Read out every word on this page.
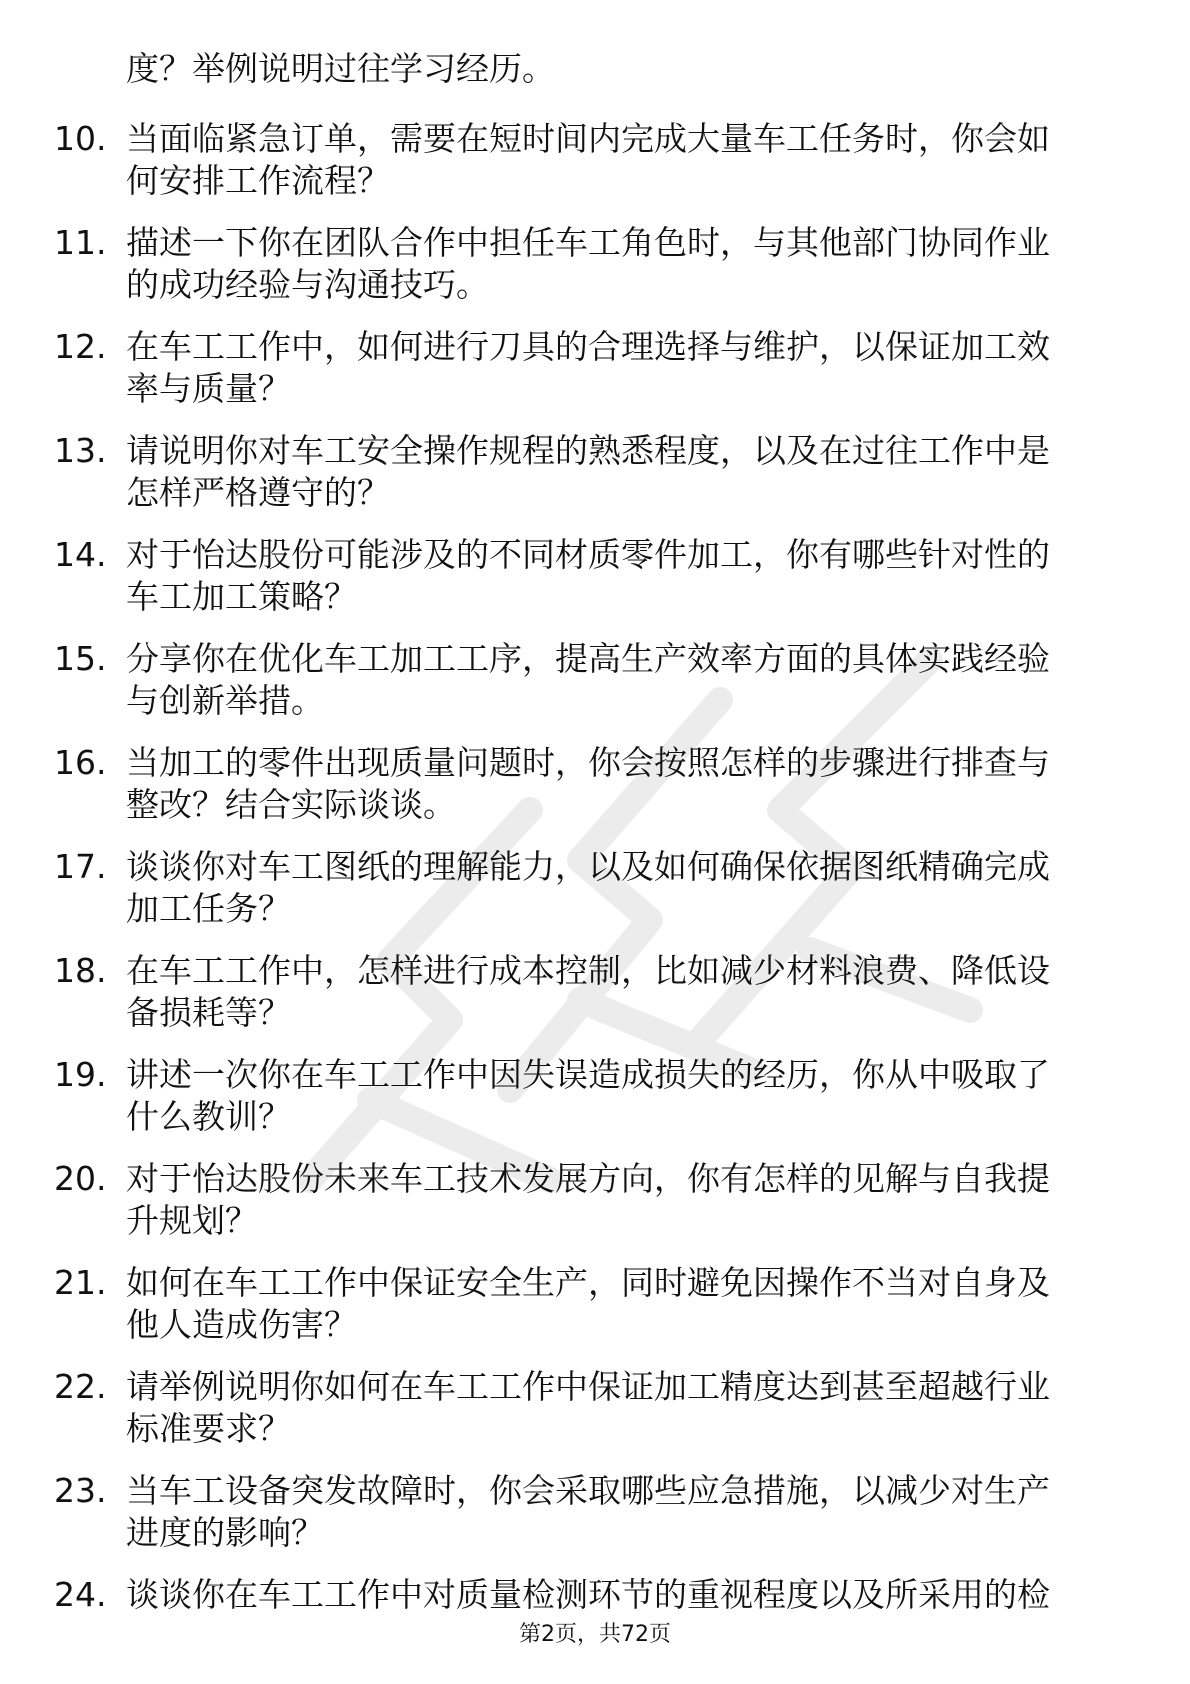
度？举例说明过往学习经历。
10. 当面临紧急订单，需要在短时间内完成大量车工任务时，你会如
何安排工作流程？
11. 描述一下你在团队合作中担任车工角色时，与其他部门协同作业
的成功经验与沟通技巧。
12. 在车工工作中，如何进行刀具的合理选择与维护，以保证加工效
率与质量？
13. 请说明你对车工安全操作规程的熟悉程度，以及在过往工作中是
怎样严格遵守的？
14. 对于怡达股份可能涉及的不同材质零件加工，你有哪些针对性的
车工加工策略？
15. 分享你在优化车工加工工序，提高生产效率方面的具体实践经验
与创新举措。
16. 当加工的零件出现质量问题时，你会按照怎样的步骤进行排查与
整改？结合实际谈谈。
17. 谈谈你对车工图纸的理解能力，以及如何确保依据图纸精确完成
加工任务？
18. 在车工工作中，怎样进行成本控制，比如减少材料浪费、降低设
备损耗等？
19. 讲述一次你在车工工作中因失误造成损失的经历，你从中吸取了
什么教训？
20. 对于怡达股份未来车工技术发展方向，你有怎样的见解与自我提
升规划？
21. 如何在车工工作中保证安全生产，同时避免因操作不当对自身及
他人造成伤害？
22. 请举例说明你如何在车工工作中保证加工精度达到甚至超越行业
标准要求？
23. 当车工设备突发故障时，你会采取哪些应急措施，以减少对生产
进度的影响？
24. 谈谈你在车工工作中对质量检测环节的重视程度以及所采用的检
第2页，共72页
